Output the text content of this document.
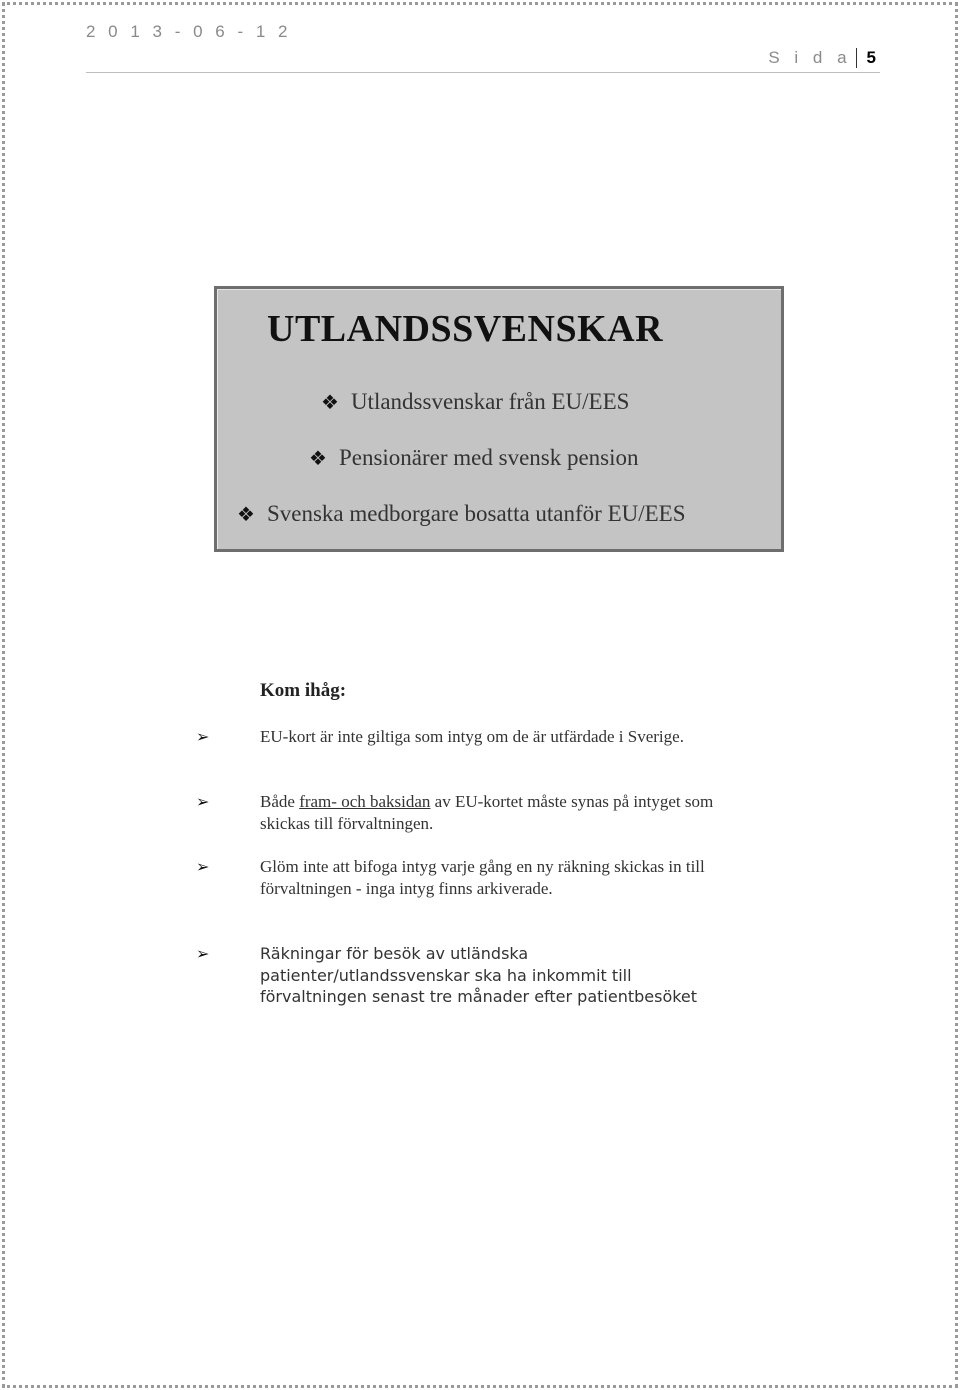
2 0 1 3 - 0 6 - 1 2
S i d a 5
UTLANDSSVENSKAR
❖ Utlandssvenskar från EU/EES
❖ Pensionärer med svensk pension
❖ Svenska medborgare bosatta utanför EU/EES
Kom ihåg:
➢	EU-kort är inte giltiga som intyg om de är utfärdade i Sverige.
➢	Både fram- och baksidan av EU-kortet måste synas på intyget som skickas till förvaltningen.
➢	Glöm inte att bifoga intyg varje gång en ny räkning skickas in till förvaltningen - inga intyg finns arkiverade.
➢	Räkningar för besök av utländska patienter/utlandssvenskar ska ha inkommit till förvaltningen senast tre månader efter patientbesöket
